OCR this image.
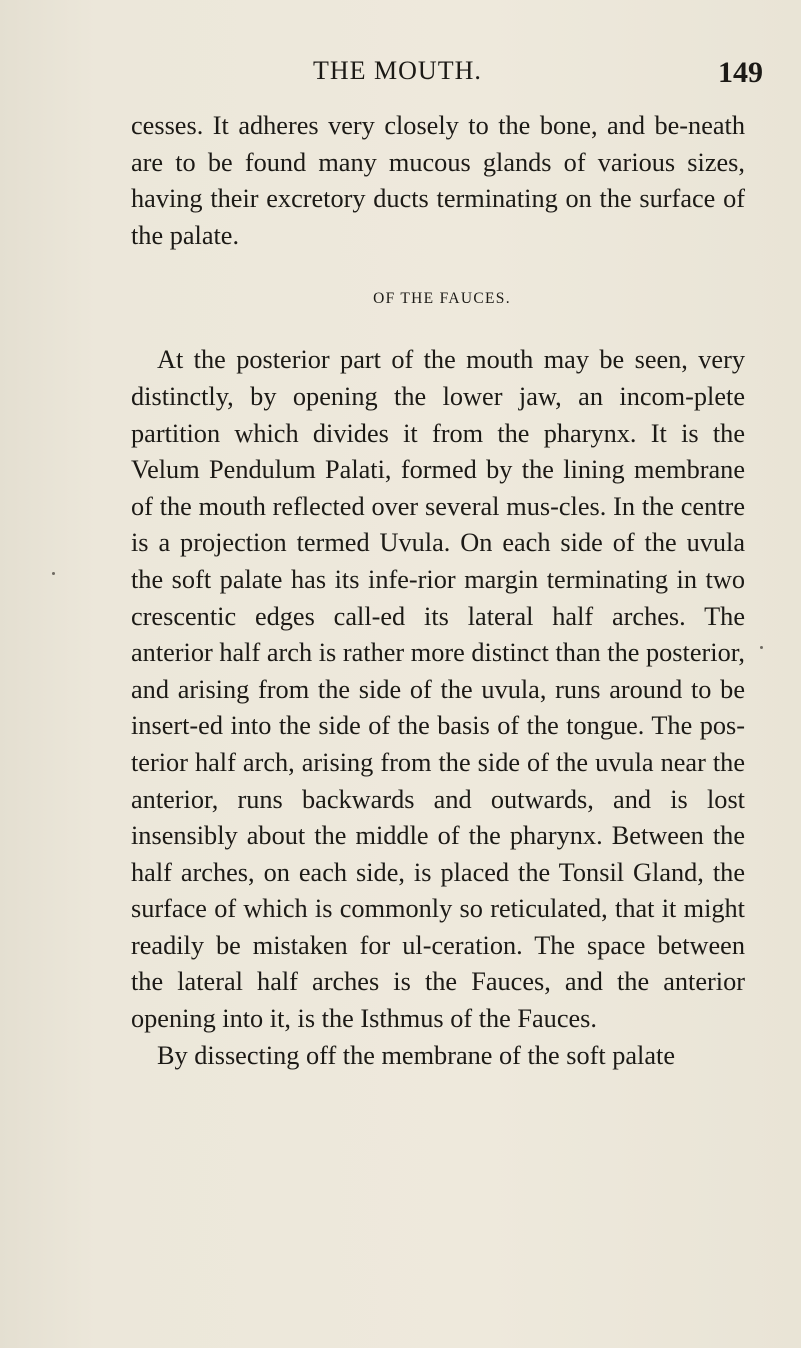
THE MOUTH.	149

cesses. It adheres very closely to the bone, and be-neath are to be found many mucous glands of various sizes, having their excretory ducts terminating on the surface of the palate.

OF THE FAUCES.

At the posterior part of the mouth may be seen, very distinctly, by opening the lower jaw, an incom-plete partition which divides it from the pharynx. It is the Velum Pendulum Palati, formed by the lining membrane of the mouth reflected over several mus-cles. In the centre is a projection termed Uvula. On each side of the uvula the soft palate has its infe-rior margin terminating in two crescentic edges call-ed its lateral half arches. The anterior half arch is rather more distinct than the posterior, and arising from the side of the uvula, runs around to be insert-ed into the side of the basis of the tongue. The pos-terior half arch, arising from the side of the uvula near the anterior, runs backwards and outwards, and is lost insensibly about the middle of the pharynx. Between the half arches, on each side, is placed the Tonsil Gland, the surface of which is commonly so reticulated, that it might readily be mistaken for ul-ceration. The space between the lateral half arches is the Fauces, and the anterior opening into it, is the Isthmus of the Fauces.

By dissecting off the membrane of the soft palate
